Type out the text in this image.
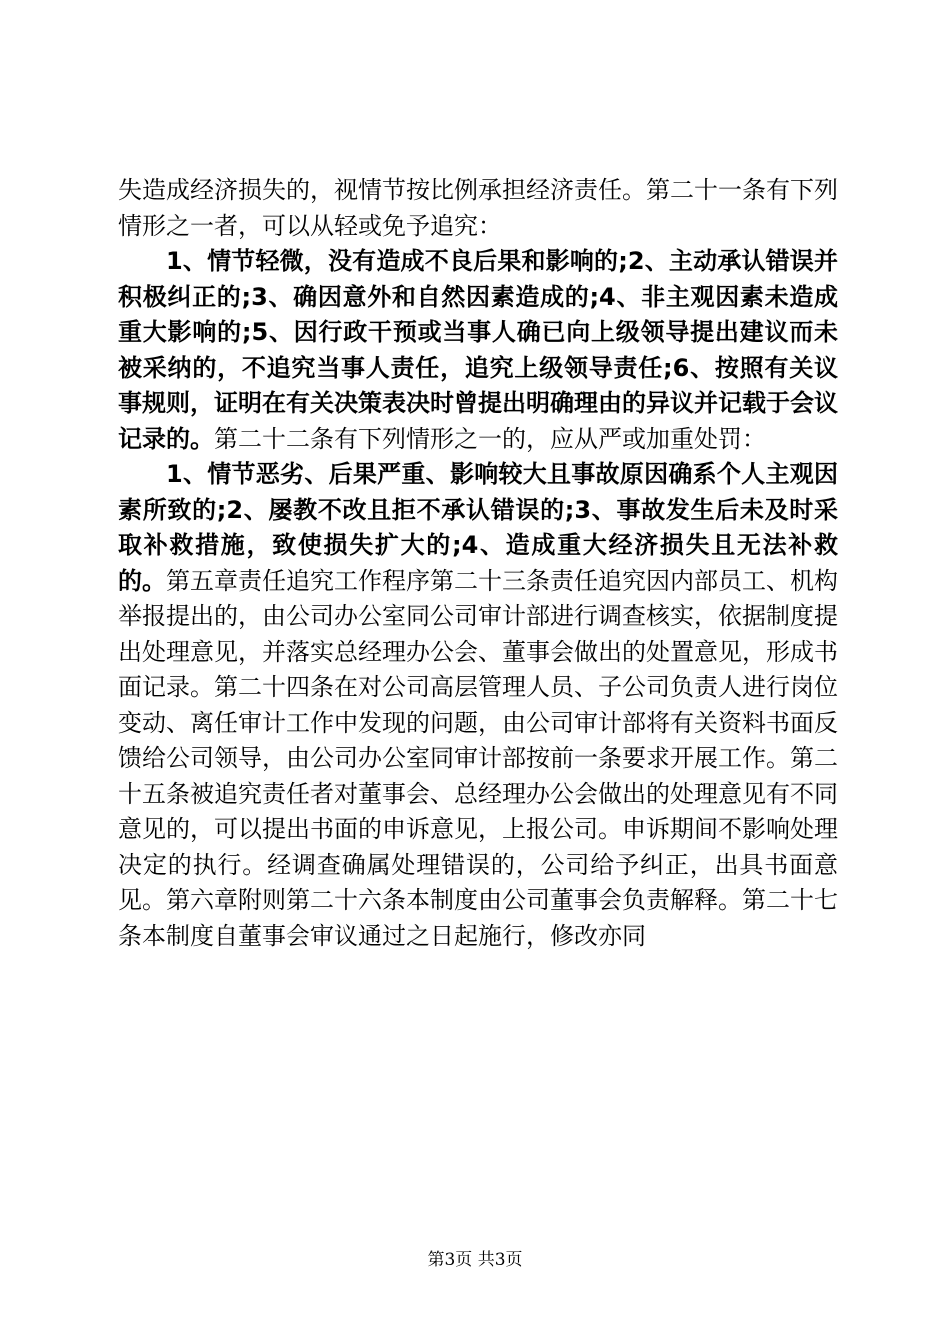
失造成经济损失的，视情节按比例承担经济责任。第二十一条有下列情形之一者，可以从轻或免予追究：

1、情节轻微，没有造成不良后果和影响的;2、主动承认错误并积极纠正的;3、确因意外和自然因素造成的;4、非主观因素未造成重大影响的;5、因行政干预或当事人确已向上级领导提出建议而未被采纳的，不追究当事人责任，追究上级领导责任;6、按照有关议事规则，证明在有关决策表决时曾提出明确理由的异议并记载于会议记录的。第二十二条有下列情形之一的，应从严或加重处罚：

1、情节恶劣、后果严重、影响较大且事故原因确系个人主观因素所致的;2、屡教不改且拒不承认错误的;3、事故发生后未及时采取补救措施，致使损失扩大的;4、造成重大经济损失且无法补救的。第五章责任追究工作程序第二十三条责任追究因内部员工、机构举报提出的，由公司办公室同公司审计部进行调查核实，依据制度提出处理意见，并落实总经理办公会、董事会做出的处置意见，形成书面记录。第二十四条在对公司高层管理人员、子公司负责人进行岗位变动、离任审计工作中发现的问题，由公司审计部将有关资料书面反馈给公司领导，由公司办公室同审计部按前一条要求开展工作。第二十五条被追究责任者对董事会、总经理办公会做出的处理意见有不同意见的，可以提出书面的申诉意见，上报公司。申诉期间不影响处理决定的执行。经调查确属处理错误的，公司给予纠正，出具书面意见。第六章附则第二十六条本制度由公司董事会负责解释。第二十七条本制度自董事会审议通过之日起施行，修改亦同

第3页 共3页
